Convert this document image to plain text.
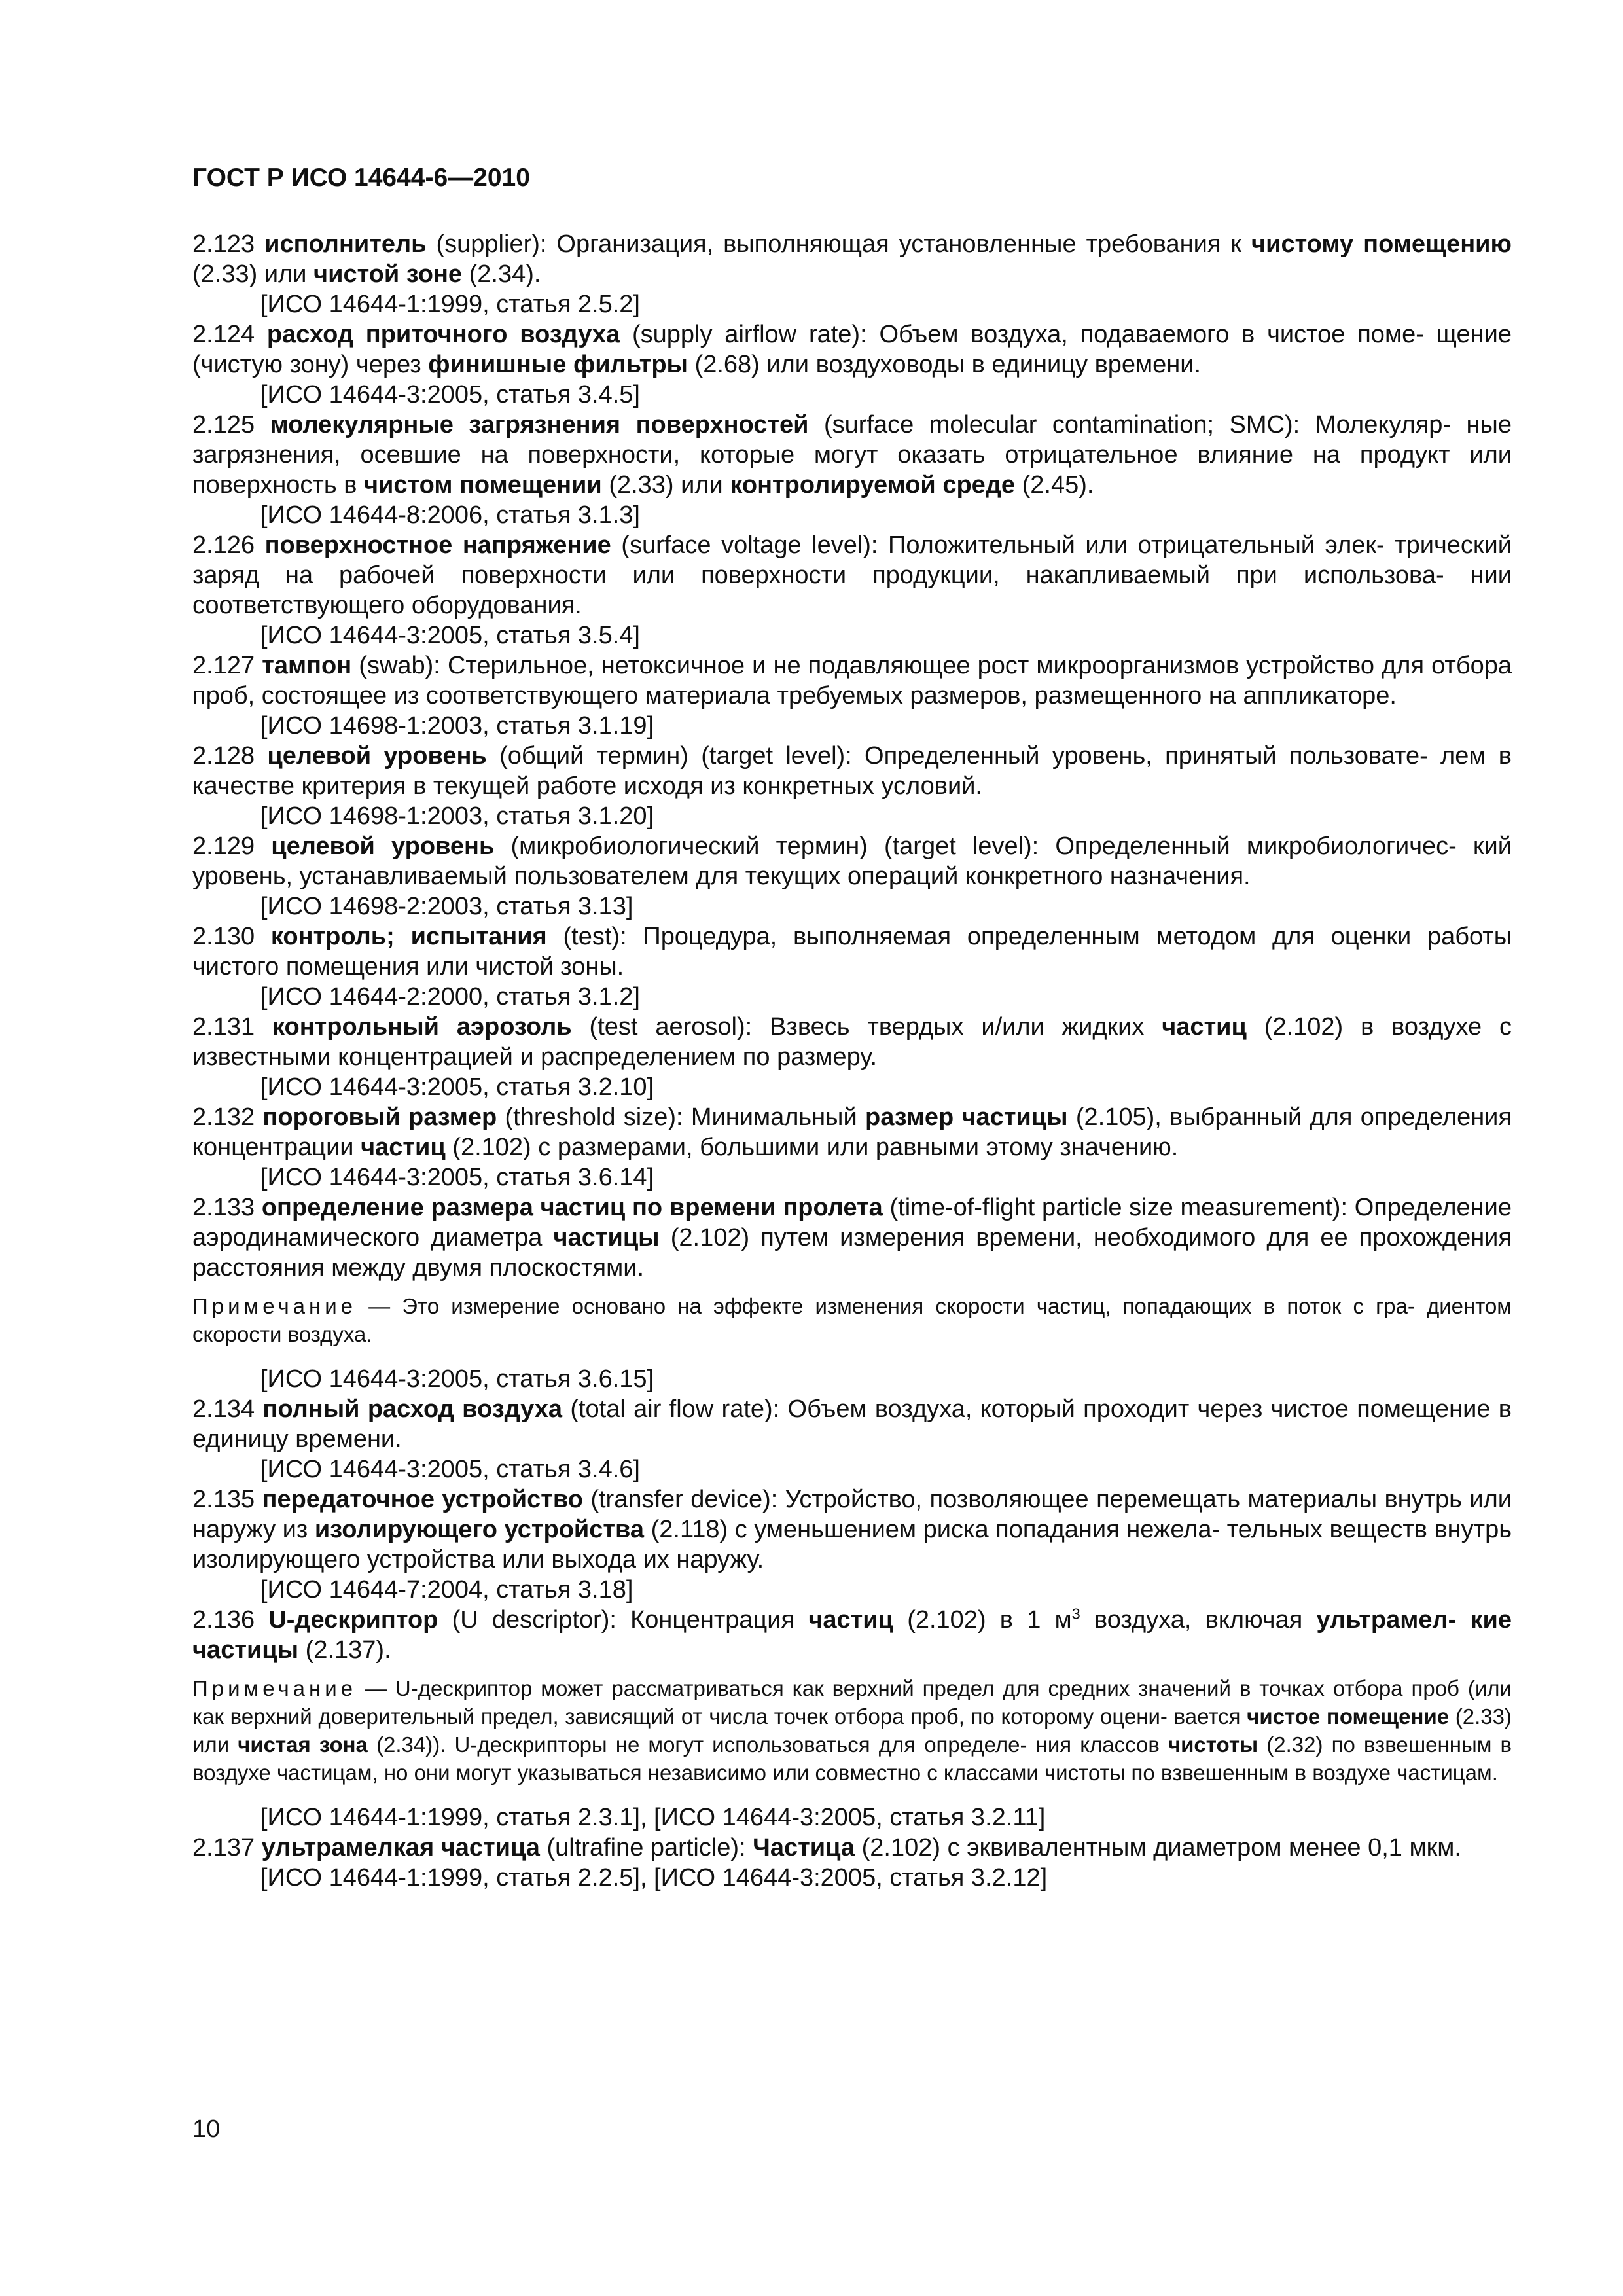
ГОСТ Р ИСО 14644-6—2010
2.123 исполнитель (supplier): Организация, выполняющая установленные требования к чистому помещению (2.33) или чистой зоне (2.34).
[ИСО 14644-1:1999, статья 2.5.2]
2.124 расход приточного воздуха (supply airflow rate): Объем воздуха, подаваемого в чистое поме- щение (чистую зону) через финишные фильтры (2.68) или воздуховоды в единицу времени.
[ИСО 14644-3:2005, статья 3.4.5]
2.125 молекулярные загрязнения поверхностей (surface molecular contamination; SMC): Молекуляр- ные загрязнения, осевшие на поверхности, которые могут оказать отрицательное влияние на продукт или поверхность в чистом помещении (2.33) или контролируемой среде (2.45).
[ИСО 14644-8:2006, статья 3.1.3]
2.126 поверхностное напряжение (surface voltage level): Положительный или отрицательный элек- трический заряд на рабочей поверхности или поверхности продукции, накапливаемый при использова- нии соответствующего оборудования.
[ИСО 14644-3:2005, статья 3.5.4]
2.127 тампон (swab): Стерильное, нетоксичное и не подавляющее рост микроорганизмов устройство для отбора проб, состоящее из соответствующего материала требуемых размеров, размещенного на аппликаторе.
[ИСО 14698-1:2003, статья 3.1.19]
2.128 целевой уровень (общий термин) (target level): Определенный уровень, принятый пользовате- лем в качестве критерия в текущей работе исходя из конкретных условий.
[ИСО 14698-1:2003, статья 3.1.20]
2.129 целевой уровень (микробиологический термин) (target level): Определенный микробиологичес- кий уровень, устанавливаемый пользователем для текущих операций конкретного назначения.
[ИСО 14698-2:2003, статья 3.13]
2.130 контроль; испытания (test): Процедура, выполняемая определенным методом для оценки работы чистого помещения или чистой зоны.
[ИСО 14644-2:2000, статья 3.1.2]
2.131 контрольный аэрозоль (test aerosol): Взвесь твердых и/или жидких частиц (2.102) в воздухе с известными концентрацией и распределением по размеру.
[ИСО 14644-3:2005, статья 3.2.10]
2.132 пороговый размер (threshold size): Минимальный размер частицы (2.105), выбранный для определения концентрации частиц (2.102) с размерами, большими или равными этому значению.
[ИСО 14644-3:2005, статья 3.6.14]
2.133 определение размера частиц по времени пролета (time-of-flight particle size measurement): Определение аэродинамического диаметра частицы (2.102) путем измерения времени, необходимого для ее прохождения расстояния между двумя плоскостями.
Примечание — Это измерение основано на эффекте изменения скорости частиц, попадающих в поток с гра- диентом скорости воздуха.
[ИСО 14644-3:2005, статья 3.6.15]
2.134 полный расход воздуха (total air flow rate): Объем воздуха, который проходит через чистое помещение в единицу времени.
[ИСО 14644-3:2005, статья 3.4.6]
2.135 передаточное устройство (transfer device): Устройство, позволяющее перемещать материалы внутрь или наружу из изолирующего устройства (2.118) с уменьшением риска попадания нежела- тельных веществ внутрь изолирующего устройства или выхода их наружу.
[ИСО 14644-7:2004, статья 3.18]
2.136 U-дескриптор (U descriptor): Концентрация частиц (2.102) в 1 $м^3$ воздуха, включая ультрамел- кие частицы (2.137).
Примечание — U-дескриптор может рассматриваться как верхний предел для средних значений в точках отбора проб (или как верхний доверительный предел, зависящий от числа точек отбора проб, по которому оцени- вается чистое помещение (2.33) или чистая зона (2.34)). U-дескрипторы не могут использоваться для определе- ния классов чистоты (2.32) по взвешенным в воздухе частицам, но они могут указываться независимо или совместно с классами чистоты по взвешенным в воздухе частицам.
[ИСО 14644-1:1999, статья 2.3.1], [ИСО 14644-3:2005, статья 3.2.11]
2.137 ультрамелкая частица (ultrafine particle): Частица (2.102) с эквивалентным диаметром менее 0,1 мкм.
[ИСО 14644-1:1999, статья 2.2.5], [ИСО 14644-3:2005, статья 3.2.12]
10
